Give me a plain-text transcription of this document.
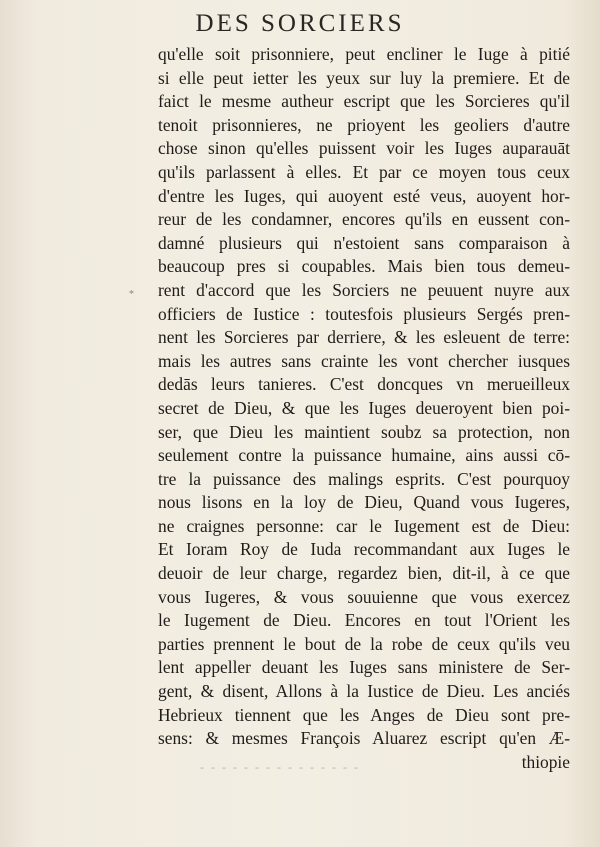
DES SORCIERS
*
qu'elle soit prisonniere, peut encliner le Iuge à pitié
si elle peut ietter les yeux sur luy la premiere. Et de
faict le mesme autheur escript que les Sorcieres qu'il
tenoit prisonnieres, ne prioyent les geoliers d'autre
chose sinon qu'elles puissent voir les Iuges auparauāt
qu'ils parlassent à elles. Et par ce moyen tous ceux
d'entre les Iuges, qui auoyent esté veus, auoyent hor-
reur de les condamner, encores qu'ils en eussent con-
damné plusieurs qui n'estoient sans comparaison à
beaucoup pres si coupables. Mais bien tous demeu-
rent d'accord que les Sorciers ne peuuent nuyre aux
officiers de Iustice : toutesfois plusieurs Sergés pren-
nent les Sorcieres par derriere, & les esleuent de terre:
mais les autres sans crainte les vont chercher iusques
dedās leurs tanieres. C'est doncques vn merueilleux
secret de Dieu, & que les Iuges deueroyent bien poi-
ser, que Dieu les maintient soubz sa protection, non
seulement contre la puissance humaine, ains aussi cō-
tre la puissance des malings esprits. C'est pourquoy
nous lisons en la loy de Dieu, Quand vous Iugeres,
ne craignes personne: car le Iugement est de Dieu:
Et Ioram Roy de Iuda recommandant aux Iuges le
deuoir de leur charge, regardez bien, dit-il, à ce que
vous Iugeres, & vous souuienne que vous exercez
le Iugement de Dieu. Encores en tout l'Orient les
parties prennent le bout de la robe de ceux qu'ils veu
lent appeller deuant les Iuges sans ministere de Ser-
gent, & disent, Allons à la Iustice de Dieu. Les anciés
Hebrieux tiennent que les Anges de Dieu sont pre-
sens: & mesmes François Aluarez escript qu'en Æ-
thiopie
- - - - - - - - - - - - - - -
